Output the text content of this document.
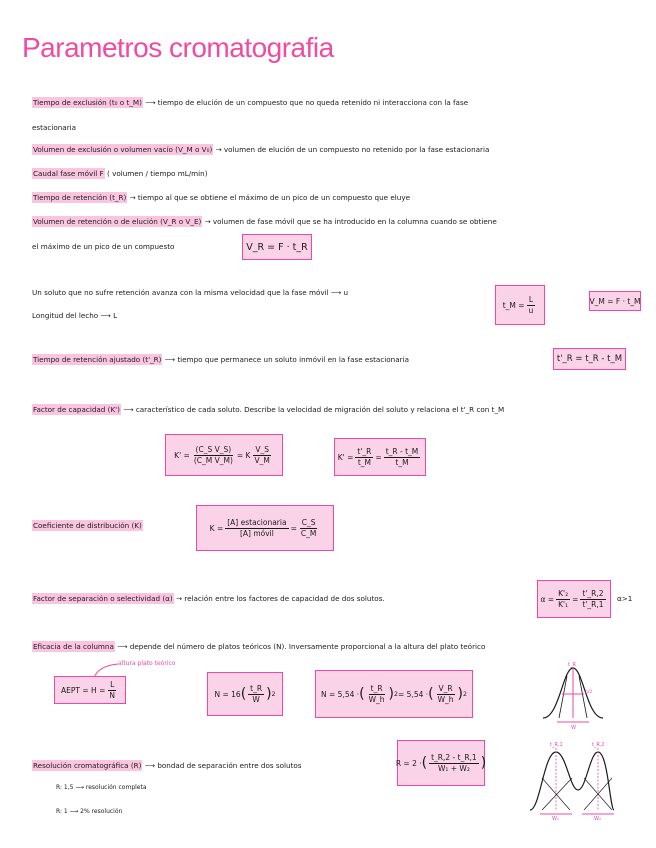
Parametros cromatografia
Tiempo de exclusión (t₀ o t_M) ⟶ tiempo de elución de un compuesto que no queda retenido ni interacciona con la fase
estacionaria
Volumen de exclusión o volumen vacío (V_M o V₀) → volumen de elución de un compuesto no retenido por la fase estacionaria
Caudal fase móvil F ( volumen / tiempo mL/min)
Tiempo de retención (t_R) → tiempo al que se obtiene el máximo de un pico de un compuesto que eluye
Volumen de retención o de elución (V_R o V_E) → volumen de fase móvil que se ha introducido en la columna cuando se obtiene
el máximo de un pico de un compuesto	V_R = F · t_R
Un soluto que no sufre retención avanza con la misma velocidad que la fase móvil ⟶ u
Longitud del lecho ⟶ L
t_M = $\frac{L}{u}$	V_M = F · t_M
Tiempo de retención ajustado (t'_R) ⟶ tiempo que permanece un soluto inmóvil en la fase estacionaria	t'_R = t_R - t_M
Factor de capacidad (K') ⟶ característico de cada soluto. Describe la velocidad de migración del soluto y relaciona el t'_R con t_M
$K' = \frac{\text{(C\_S V\_S)}}{\text{(C\_M V\_M)}} = K \frac{V\_S}{V\_M}$	$K' = \frac{t'\_R}{t\_M} = \frac{t\_R - t\_M}{t\_M}$
Coeficiente de distribución (K)	$K = \frac{\text{[A] estacionaria}}{\text{[A] móvil}} = \frac{C\_S}{C\_M}$
Factor de separación o selectividad (α) → relación entre los factores de capacidad de dos solutos.	$\alpha = \frac{\text{K'₂}}{\text{K'₁}} = \frac{t'\_R,2}{t'\_R,1} \alpha>1$
Eficacia de la columna ⟶ depende del número de platos teóricos (N). Inversamente proporcional a la altura del plato teórico
altura plato teórico
AEPT = $H = \frac{L}{N}$	N = 16 ( $\frac{t\_R}{W}$ ) 2	N = 5,54 · ( $\frac{t\_R}{W\_h}$ ) 2 = 5,54 · ( $\frac{V\_R}{W\_h}$ ) 2
t_R
W
h/2
Resolución cromatográfica (R) ⟶ bondad de separación entre dos solutos
R: 1,5 ⟶ resolución completa
R: 1 ⟶ 2% resolución
R = 2 · ( $\frac{t\_R,2 - t\_R,1}{\text{W₁ + W₂}}$ )
t_R,1	t_R,2
W₁	W₂
